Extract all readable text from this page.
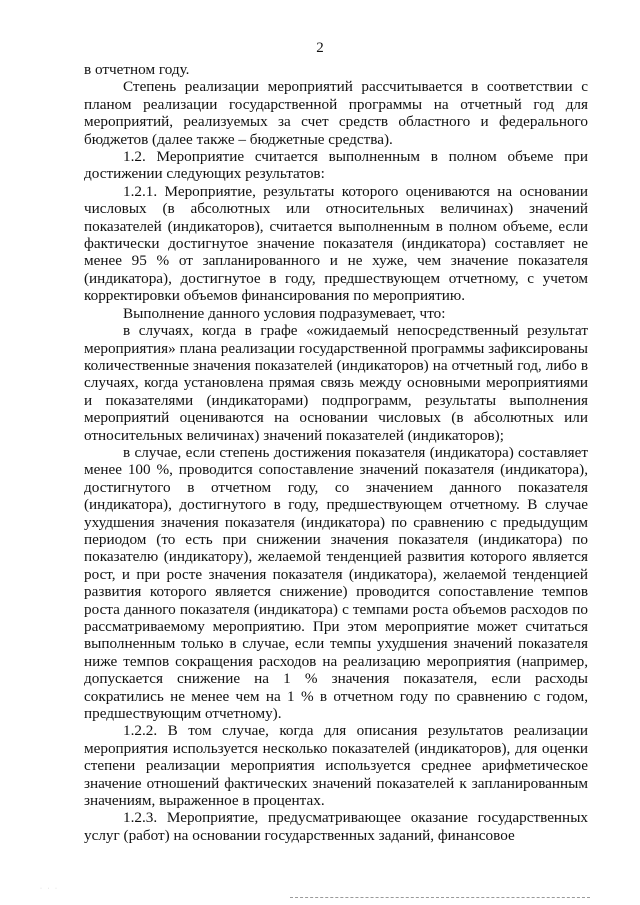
2

в отчетном году.

Степень реализации мероприятий рассчитывается в соответствии с планом реализации государственной программы на отчетный год для мероприятий, реализуемых за счет средств областного и федерального бюджетов (далее также – бюджетные средства).

1.2. Мероприятие считается выполненным в полном объеме при достижении следующих результатов:

1.2.1. Мероприятие, результаты которого оцениваются на основании числовых (в абсолютных или относительных величинах) значений показателей (индикаторов), считается выполненным в полном объеме, если фактически достигнутое значение показателя (индикатора) составляет не менее 95 % от запланированного и не хуже, чем значение показателя (индикатора), достигнутое в году, предшествующем отчетному, с учетом корректировки объемов финансирования по мероприятию.

Выполнение данного условия подразумевает, что:

в случаях, когда в графе «ожидаемый непосредственный результат мероприятия» плана реализации государственной программы зафиксированы количественные значения показателей (индикаторов) на отчетный год, либо в случаях, когда установлена прямая связь между основными мероприятиями и показателями (индикаторами) подпрограмм, результаты выполнения мероприятий оцениваются на основании числовых (в абсолютных или относительных величинах) значений показателей (индикаторов);

в случае, если степень достижения показателя (индикатора) составляет менее 100 %, проводится сопоставление значений показателя (индикатора), достигнутого в отчетном году, со значением данного показателя (индикатора), достигнутого в году, предшествующем отчетному. В случае ухудшения значения показателя (индикатора) по сравнению с предыдущим периодом (то есть при снижении значения показателя (индикатора) по показателю (индикатору), желаемой тенденцией развития которого является рост, и при росте значения показателя (индикатора), желаемой тенденцией развития которого является снижение) проводится сопоставление темпов роста данного показателя (индикатора) с темпами роста объемов расходов по рассматриваемому мероприятию. При этом мероприятие может считаться выполненным только в случае, если темпы ухудшения значений показателя ниже темпов сокращения расходов на реализацию мероприятия (например, допускается снижение на 1 % значения показателя, если расходы сократились не менее чем на 1 % в отчетном году по сравнению с годом, предшествующим отчетному).

1.2.2. В том случае, когда для описания результатов реализации мероприятия используется несколько показателей (индикаторов), для оценки степени реализации мероприятия используется среднее арифметическое значение отношений фактических значений показателей к запланированным значениям, выраженное в процентах.

1.2.3. Мероприятие, предусматривающее оказание государственных услуг (работ) на основании государственных заданий, финансовое

· · ·
